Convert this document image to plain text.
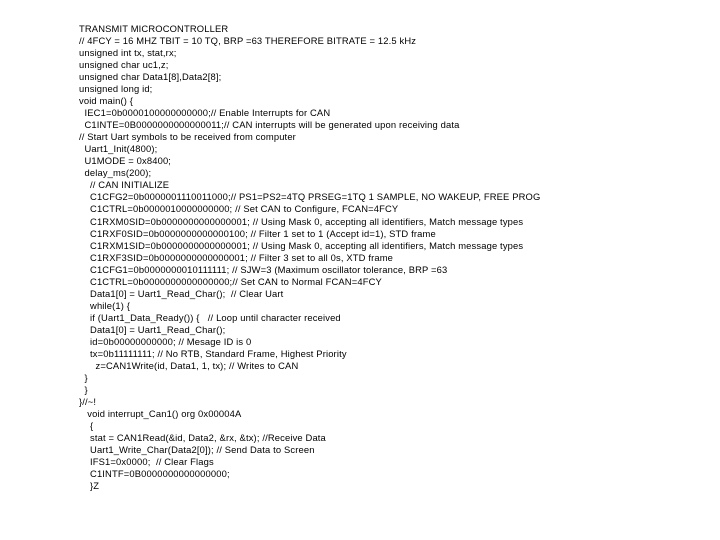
TRANSMIT MICROCONTROLLER
// 4FCY = 16 MHZ TBIT = 10 TQ, BRP =63 THEREFORE BITRATE = 12.5 kHz
unsigned int tx, stat,rx;
unsigned char uc1,z;
unsigned char Data1[8],Data2[8];
unsigned long id;
void main() {
IEC1=0b0000100000000000;// Enable Interrupts for CAN
C1INTE=0B0000000000000011;// CAN interrupts will be generated upon receiving data
// Start Uart symbols to be received from computer
Uart1_Init(4800);
U1MODE = 0x8400;
delay_ms(200);
// CAN INITIALIZE
C1CFG2=0b0000001110011000;// PS1=PS2=4TQ PRSEG=1TQ 1 SAMPLE, NO WAKEUP, FREE PROG
C1CTRL=0b0000010000000000; // Set CAN to Configure, FCAN=4FCY
C1RXM0SID=0b0000000000000001; // Using Mask 0, accepting all identifiers, Match message types
C1RXF0SID=0b0000000000000100; // Filter 1 set to 1 (Accept id=1), STD frame
C1RXM1SID=0b0000000000000001; // Using Mask 0, accepting all identifiers, Match message types
C1RXF3SID=0b0000000000000001; // Filter 3 set to all 0s, XTD frame
C1CFG1=0b0000000010111111; // SJW=3 (Maximum oscillator tolerance, BRP =63
C1CTRL=0b0000000000000000;// Set CAN to Normal FCAN=4FCY
Data1[0] = Uart1_Read_Char();  // Clear Uart
while(1) {
if (Uart1_Data_Ready()) {   // Loop until character received
Data1[0] = Uart1_Read_Char();
id=0b00000000000; // Mesage ID is 0
tx=0b11111111; // No RTB, Standard Frame, Highest Priority
z=CAN1Write(id, Data1, 1, tx); // Writes to CAN
}
}
}//~!
void interrupt_Can1() org 0x00004A
{
stat = CAN1Read(&id, Data2, &rx, &tx); //Receive Data
Uart1_Write_Char(Data2[0]); // Send Data to Screen
IFS1=0x0000;  // Clear Flags
C1INTF=0B0000000000000000;
}Z
